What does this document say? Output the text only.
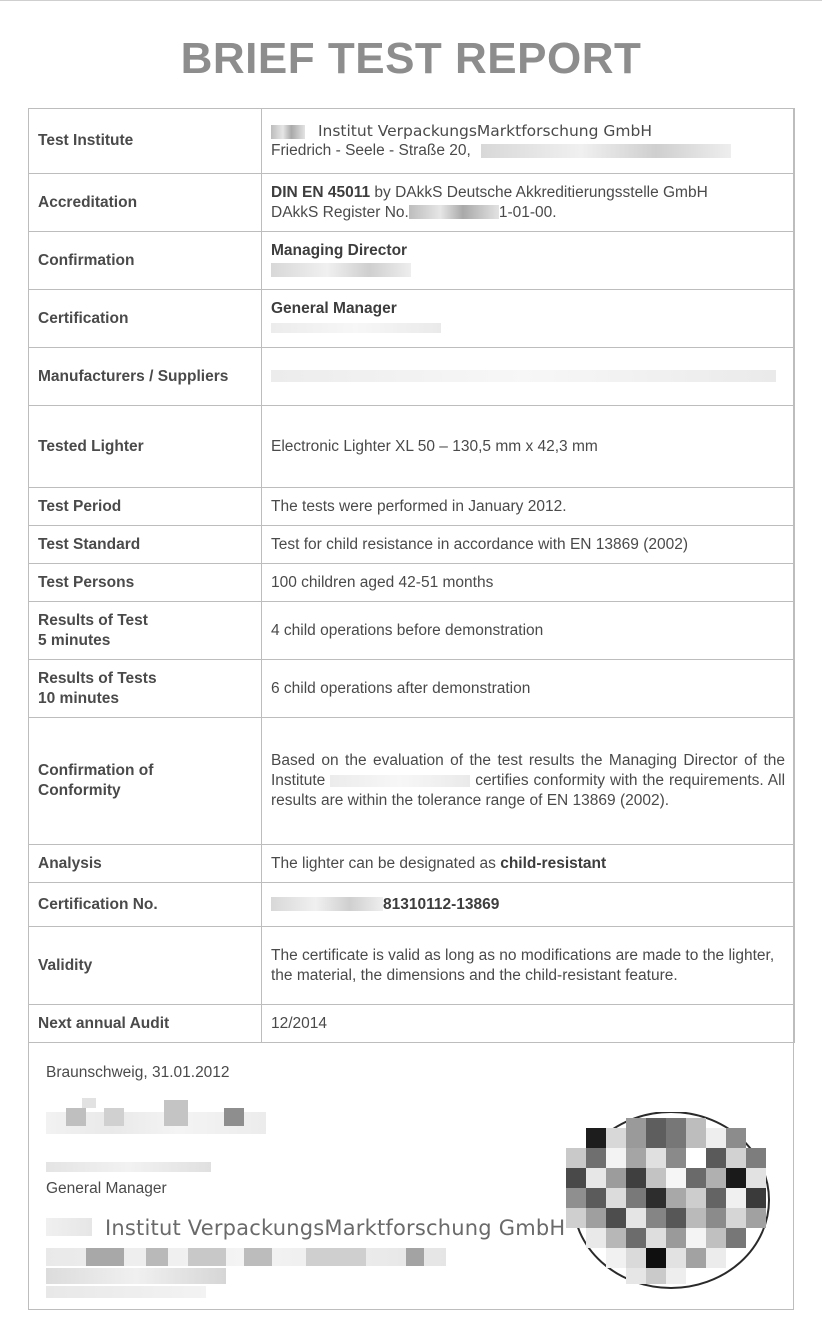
BRIEF TEST REPORT
Test Institute	Institut VerpackungsMarktforschung GmbH
Friedrich - Seele - Straße 20,

Accreditation	DIN EN 45011 by DAkkS Deutsche Akkreditierungsstelle GmbH
DAkkS Register No. 1-01-00.

Confirmation	Managing Director

Certification	General Manager

Manufacturers / Suppliers	
Tested Lighter	Electronic Lighter XL 50 – 130,5 mm x 42,3 mm
Test Period	The tests were performed in January 2012.
Test Standard	Test for child resistance in accordance with EN 13869 (2002)
Test Persons	100 children aged 42-51 months

Results of Test
5 minutes	4 child operations before demonstration

Results of Tests
10 minutes	6 child operations after demonstration

Confirmation of
Conformity	Based on the evaluation of the test results the Managing Director of the Institute certifies conformity with the requirements. All results are within the tolerance range of EN 13869 (2002).
Analysis	The lighter can be designated as child-resistant
Certification No.	81310112-13869
Validity	The certificate is valid as long as no modifications are made to the lighter, the material, the dimensions and the child-resistant feature.
Next annual Audit	12/2014
Braunschweig, 31.01.2012
General Manager
Institut VerpackungsMarktforschung GmbH
